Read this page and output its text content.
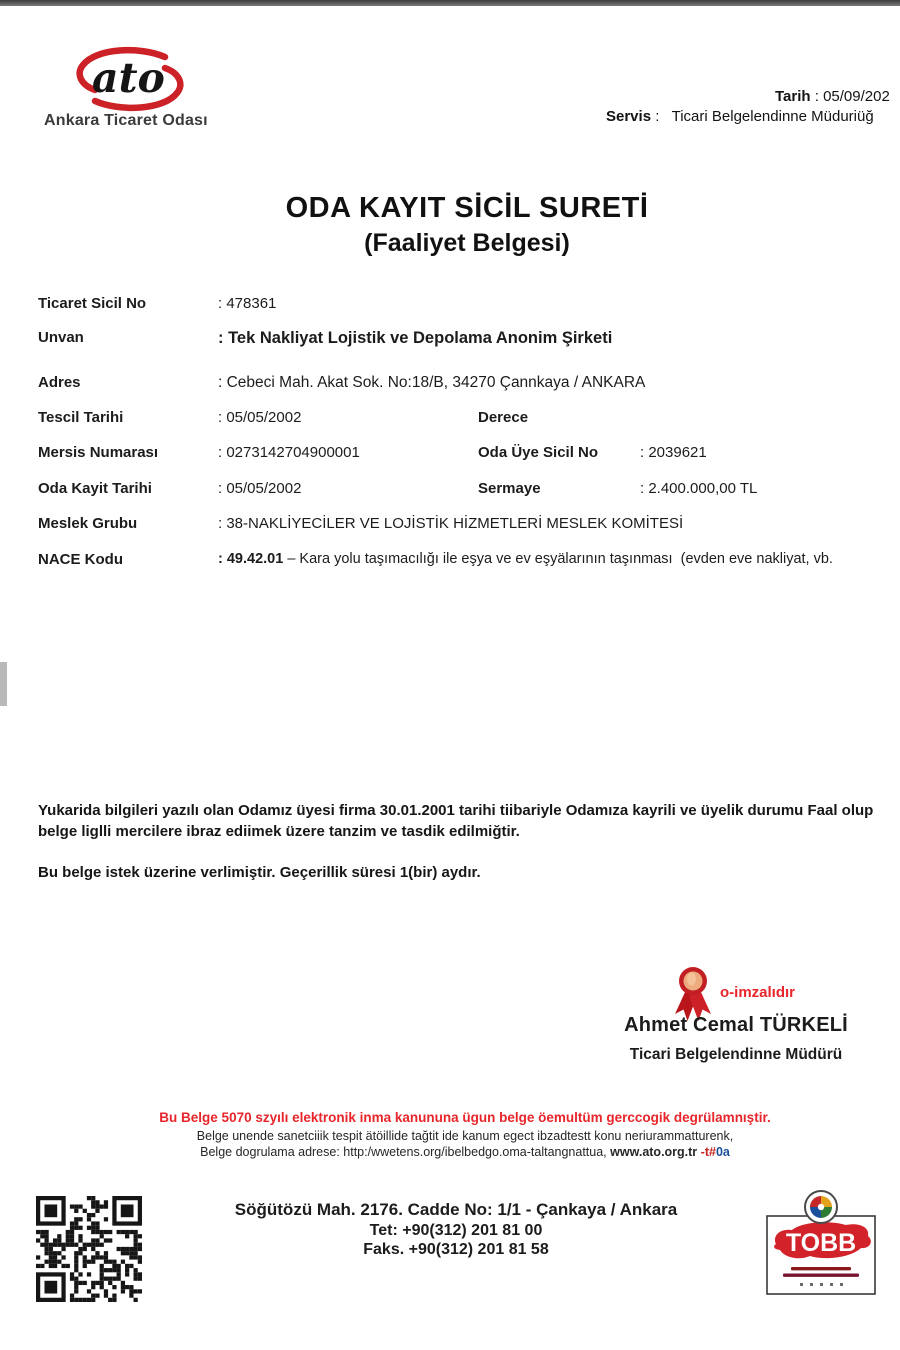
ato
Ankara Ticaret Odası
Tarih : 05/09/202
Servis :   Ticari Belgelendinne Müduriüğ
ODA KAYIT SİCİL SURETİ
(Faaliyet Belgesi)
Ticaret Sicil No	: 478361
Unvan	: Tek Nakliyat Lojistik ve Depolama Anonim Şirketi
Adres	: Cebeci Mah. Akat Sok. No:18/B, 34270 Çannkaya / ANKARA
Tescil Tarihi	: 05/05/2002	Derece
Mersis Numarası	: 0273142704900001	Oda Üye Sicil No	: 2039621
Oda Kayit Tarihi	: 05/05/2002	Sermaye	: 2.400.000,00 TL
Meslek Grubu	: 38-NAKLİYECİLER VE LOJİSTİK HİZMETLERİ MESLEK KOMİTESİ
NACE Kodu	: 49.42.01 – Kara yolu taşımacılığı ile eşya ve ev eşyälarının taşınması  (evden eve nakliyat, vb.
Yukarida bilgileri yazılı olan Odamız üyesi firma 30.01.2001 tarihi tiibariyle Odamıza kayrili ve üyelik durumu Faal olup belge liglli mercilere ibraz ediimek üzere tanzim ve tasdik edilmiğtir.
Bu belge istek üzerine verlimiştir. Geçerillik süresi 1(bir) aydır.
o-imzalıdır
Ahmet Cemal TÜRKELİ
Ticari Belgelendinne Müdürü
Bu Belge 5070 szyılı elektronik inma kanununa ügun belge öemultüm gerccogik degrülamnıştir.
Belge unende sanetciiik tespit ätöillide tağtit ide kanum egect ibzadtestt konu neriurammatturenk,
Belge dogrulama adrese: http:/wwetens.org/ibelbedgo.oma-taltangnattua, www.ato.org.tr -t#0a
Söğütözü Mah. 2176. Cadde No: 1/1 - Çankaya / Ankara
Tet: +90(312) 201 81 00
Faks. +90(312) 201 81 58	TOBB
